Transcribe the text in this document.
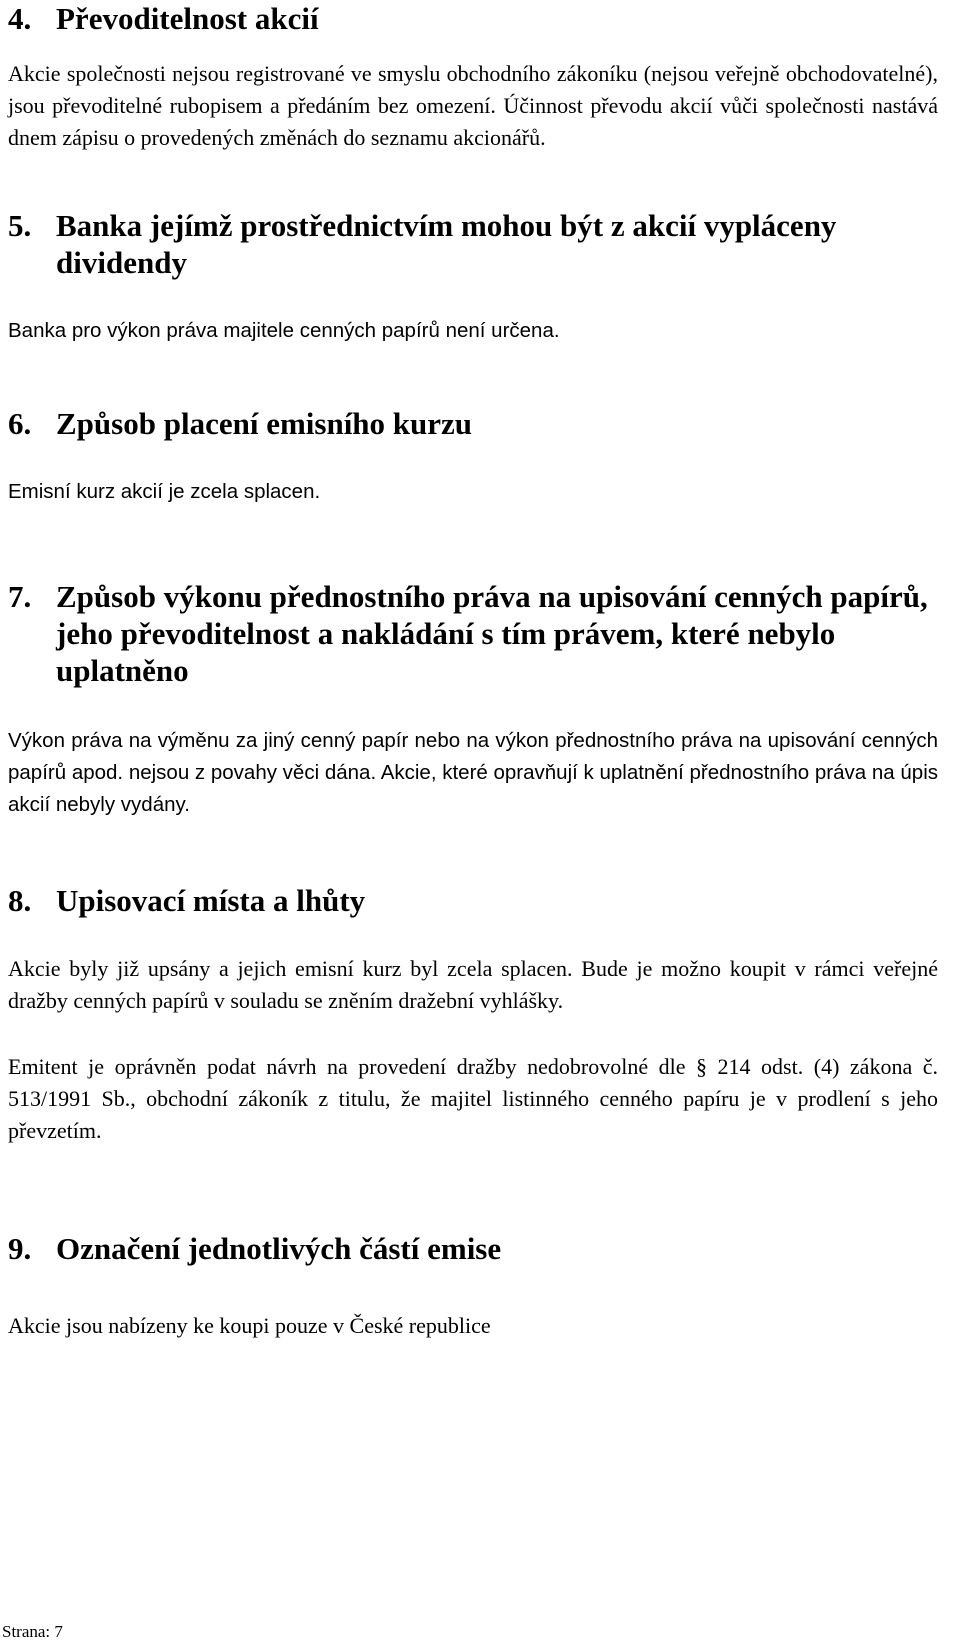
4. Převoditelnost akcií

Akcie společnosti nejsou registrované ve smyslu obchodního zákoníku (nejsou veřejně obchodovatelné), jsou převoditelné rubopisem a předáním bez omezení. Účinnost převodu akcií vůči společnosti nastává dnem zápisu o provedených změnách do seznamu akcionářů.

5. Banka jejímž prostřednictvím mohou být z akcií vypláceny dividendy

Banka pro výkon práva majitele cenných papírů není určena.

6. Způsob placení emisního kurzu

Emisní kurz akcií je zcela splacen.

7. Způsob výkonu přednostního práva na upisování cenných papírů, jeho převoditelnost a nakládání s tím právem, které nebylo uplatněno

Výkon práva na výměnu za jiný cenný papír nebo na výkon přednostního práva na upisování cenných papírů apod. nejsou z povahy věci dána. Akcie, které opravňují k uplatnění přednostního práva na úpis akcií nebyly vydány.

8. Upisovací místa a lhůty

Akcie byly již upsány a jejich emisní kurz byl zcela splacen. Bude je možno koupit v rámci veřejné dražby cenných papírů v souladu se zněním dražební vyhlášky.

Emitent je oprávněn podat návrh na provedení dražby nedobrovolné dle § 214 odst. (4) zákona č. 513/1991 Sb., obchodní zákoník z titulu, že majitel listinného cenného papíru je v prodlení s jeho převzetím.

9. Označení jednotlivých částí emise

Akcie jsou nabízeny ke koupi pouze v České republice

Strana: 7
